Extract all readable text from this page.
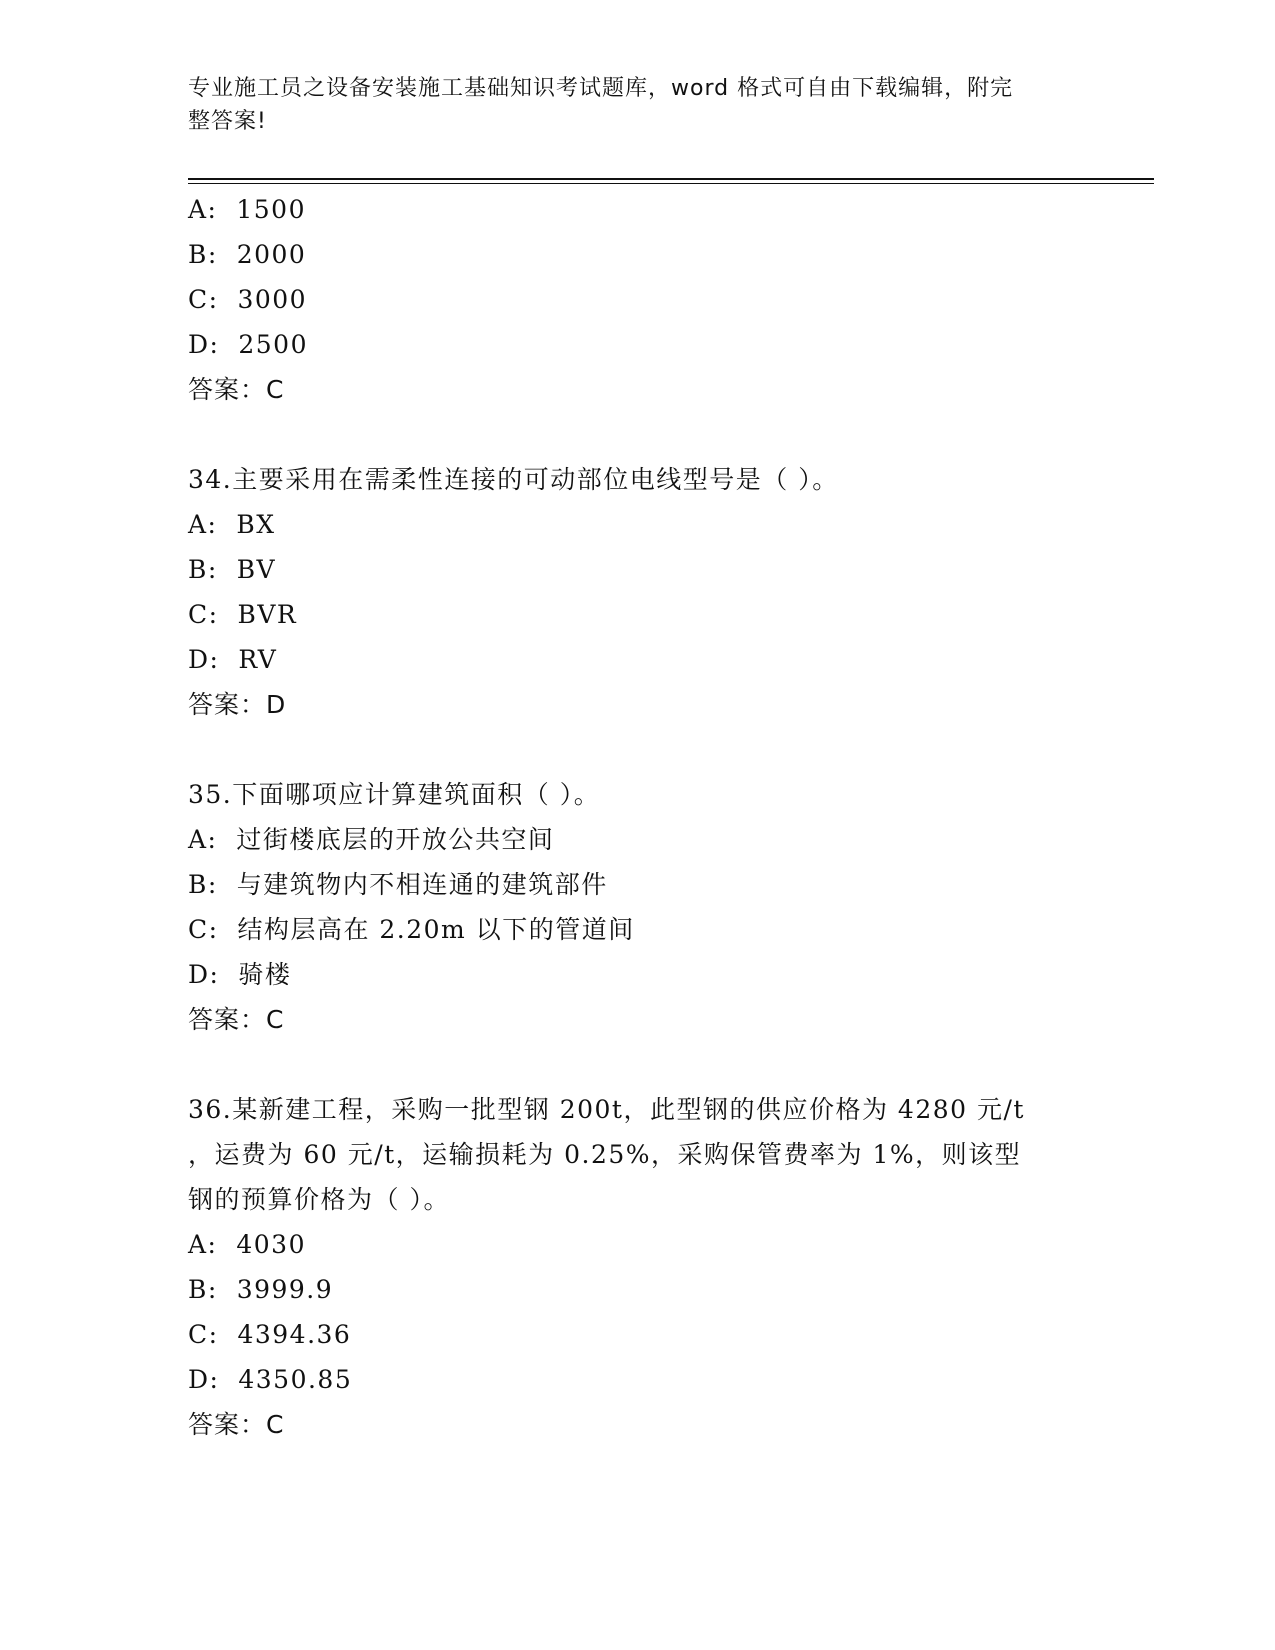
专业施工员之设备安装施工基础知识考试题库，word 格式可自由下载编辑，附完
整答案!
A:  1500
B:  2000
C:  3000
D:  2500
答案：C
34.主要采用在需柔性连接的可动部位电线型号是（ ）。
A:  BX
B:  BV
C:  BVR
D:  RV
答案：D
35.下面哪项应计算建筑面积（ ）。
A:  过街楼底层的开放公共空间
B:  与建筑物内不相连通的建筑部件
C:  结构层高在 2.20m 以下的管道间
D:  骑楼
答案：C
36.某新建工程，采购一批型钢 200t，此型钢的供应价格为 4280 元/t
，运费为 60 元/t，运输损耗为 0.25%，采购保管费率为 1%，则该型
钢的预算价格为（ ）。
A:  4030
B:  3999.9
C:  4394.36
D:  4350.85
答案：C
